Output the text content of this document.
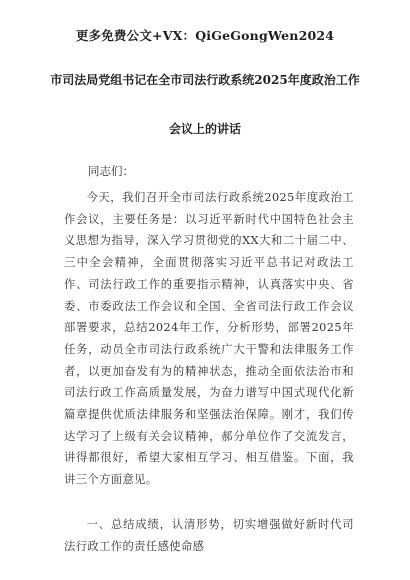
更多免费公文+VX：QiGeGongWen2024
市司法局党组书记在全市司法行政系统2025年度政治工作
会议上的讲话
同志们：
今天，我们召开全市司法行政系统2025年度政治工作会议，主要任务是：以习近平新时代中国特色社会主义思想为指导，深入学习贯彻党的XX大和二十届二中、三中全会精神，全面贯彻落实习近平总书记对政法工作、司法行政工作的重要指示精神，认真落实中央、省委、市委政法工作会议和全国、全省司法行政工作会议部署要求，总结2024年工作，分析形势，部署2025年任务，动员全市司法行政系统广大干警和法律服务工作者，以更加奋发有为的精神状态，推动全面依法治市和司法行政工作高质量发展，为奋力谱写中国式现代化新篇章提供优质法律服务和坚强法治保障。刚才，我们传达学习了上级有关会议精神，郝分单位作了交流发言，讲得都很好，希望大家相互学习、相互借鉴。下面，我讲三个方面意见。
一、总结成绩，认清形势，切实增强做好新时代司法行政工作的责任感使命感
